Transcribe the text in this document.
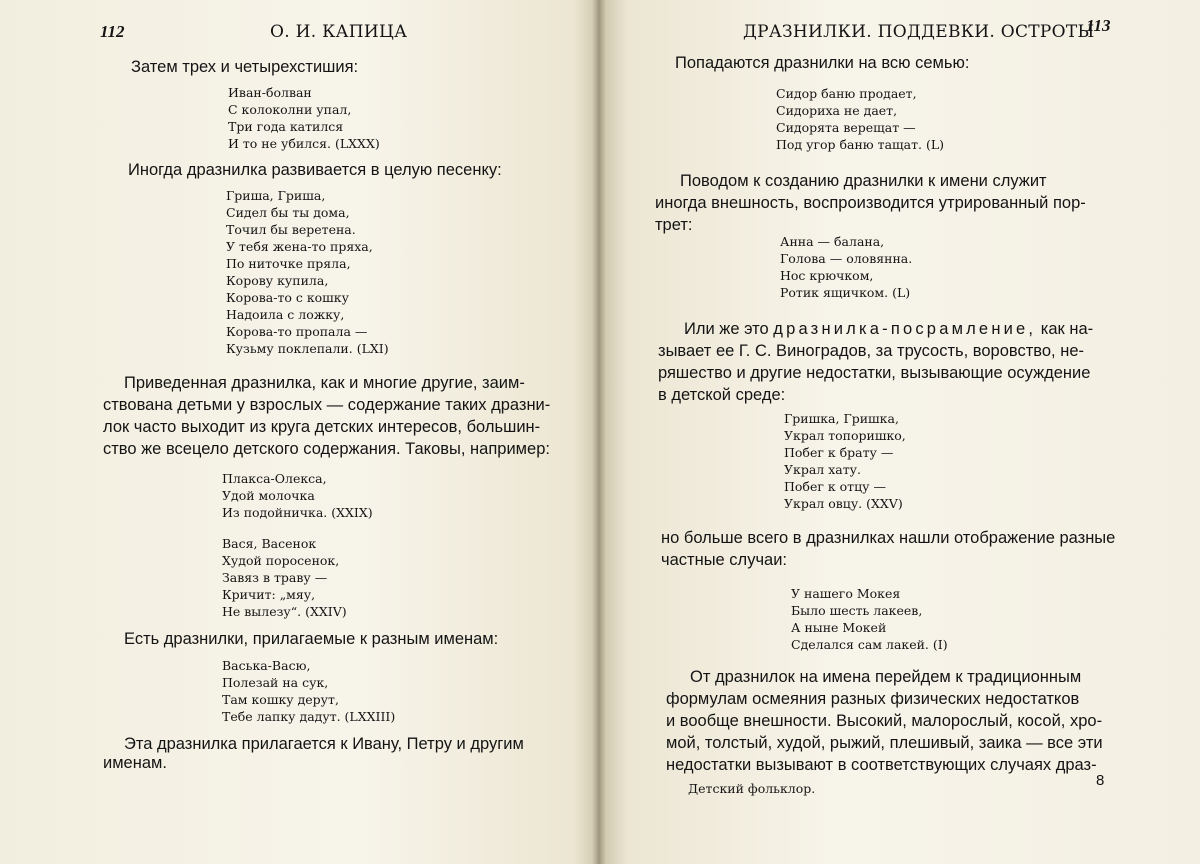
112	О. И. КАПИЦА
Затем трех и четырехстишия:
Иван-болван
С колоколни упал,
Три года катился
И то не убился. (LXXX)
Иногда дразнилка развивается в целую песенку:
Гриша, Гриша,
Сидел бы ты дома,
Точил бы веретена.
У тебя жена-то пряха,
По ниточке пряла,
Корову купила,
Корова-то с кошку
Надоила с ложку,
Корова-то пропала —
Кузьму поклепали. (LXI)
Приведенная дразнилка, как и многие другие, заим-
ствована детьми у взрослых — содержание таких дразни-
лок часто выходит из круга детских интересов, большин-
ство же всецело детского содержания. Таковы, например:
Плакса-Олекса,
Удой молочка
Из подойничка. (XXIX)
Вася, Васенок
Худой поросенок,
Завяз в траву —
Кричит: „мяу,
Не вылезу“. (XXIV)
Есть дразнилки, прилагаемые к разным именам:
Васька-Васю,
Полезай на сук,
Там кошку дерут,
Тебе лапку дадут. (LXXIII)
Эта дразнилка прилагается к Ивану, Петру и другим
именам.
ДРАЗНИЛКИ. ПОДДЕВКИ. ОСТРОТЫ
113
Попадаются дразнилки на всю семью:
Сидор баню продает,
Сидориха не дает,
Сидорята верещат —
Под угор баню тащат. (L)
Поводом к созданию дразнилки к имени служит
иногда внешность, воспроизводится утрированный пор-
трет:
Анна — балана,
Голова — оловянна.
Нос крючком,
Ротик ящичком. (L)
Или же это дразнилка-посрамление, как на-
зывает ее Г. С. Виноградов, за трусость, воровство, не-
ряшество и другие недостатки, вызывающие осуждение
в детской среде:
Гришка, Гришка,
Украл топоришко,
Побег к брату —
Украл хату.
Побег к отцу —
Украл овцу. (XXV)
но больше всего в дразнилках нашли отображение разные
частные случаи:
У нашего Мокея
Было шесть лакеев,
А ныне Мокей
Сделался сам лакей. (I)
От дразнилок на имена перейдем к традиционным
формулам осмеяния разных физических недостатков
и вообще внешности. Высокий, малорослый, косой, хро-
мой, толстый, худой, рыжий, плешивый, заика — все эти
недостатки вызывают в соответствующих случаях драз-
Детский фольклор.	8
